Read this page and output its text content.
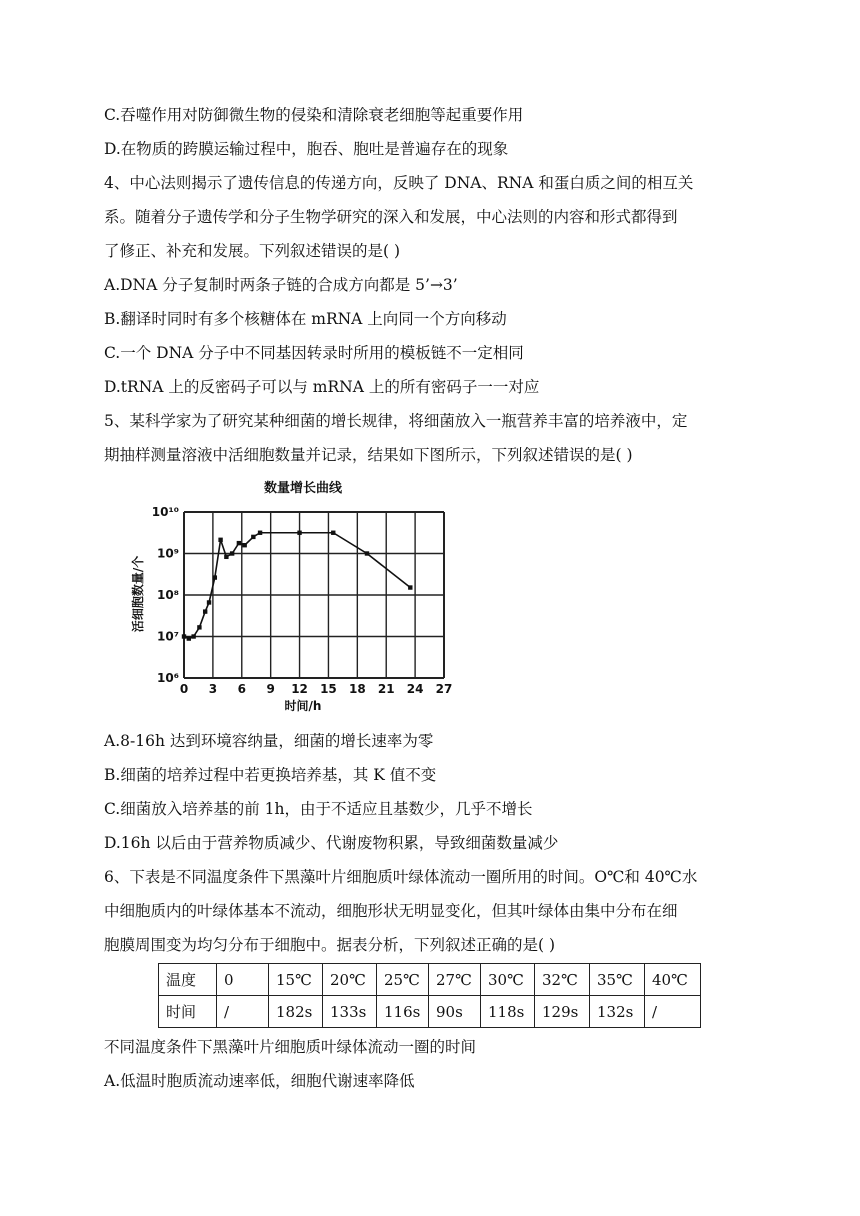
C.吞噬作用对防御微生物的侵染和清除衰老细胞等起重要作用
D.在物质的跨膜运输过程中，胞吞、胞吐是普遍存在的现象
4、中心法则揭示了遗传信息的传递方向，反映了 DNA、RNA 和蛋白质之间的相互关
系。随着分子遗传学和分子生物学研究的深入和发展，中心法则的内容和形式都得到
了修正、补充和发展。下列叙述错误的是( )
A.DNA 分子复制时两条子链的合成方向都是 5’→3’
B.翻译时同时有多个核糖体在 mRNA 上向同一个方向移动
C.一个 DNA 分子中不同基因转录时所用的模板链不一定相同
D.tRNA 上的反密码子可以与 mRNA 上的所有密码子一一对应
5、某科学家为了研究某种细菌的增长规律，将细菌放入一瓶营养丰富的培养液中，定
期抽样测量溶液中活细胞数量并记录，结果如下图所示，下列叙述错误的是( )
数量增长曲线
活细胞数量/个
时间/h
0 3 6 9 12 15 18 21 24 27
10⁶
10⁷
10⁸
10⁹
10¹⁰
A.8-16h 达到环境容纳量，细菌的增长速率为零
B.细菌的培养过程中若更换培养基，其 K 值不变
C.细菌放入培养基的前 1h，由于不适应且基数少，几乎不增长
D.16h 以后由于营养物质减少、代谢废物积累，导致细菌数量减少
6、下表是不同温度条件下黑藻叶片细胞质叶绿体流动一圈所用的时间。O℃和 40℃水
中细胞质内的叶绿体基本不流动，细胞形状无明显变化，但其叶绿体由集中分布在细
胞膜周围变为均匀分布于细胞中。据表分析，下列叙述正确的是( )
温度	0	15℃	20℃	25℃	27℃	30℃	32℃	35℃	40℃
时间	/	182s	133s	116s	90s	118s	129s	132s	/
不同温度条件下黑藻叶片细胞质叶绿体流动一圈的时间
A.低温时胞质流动速率低，细胞代谢速率降低
